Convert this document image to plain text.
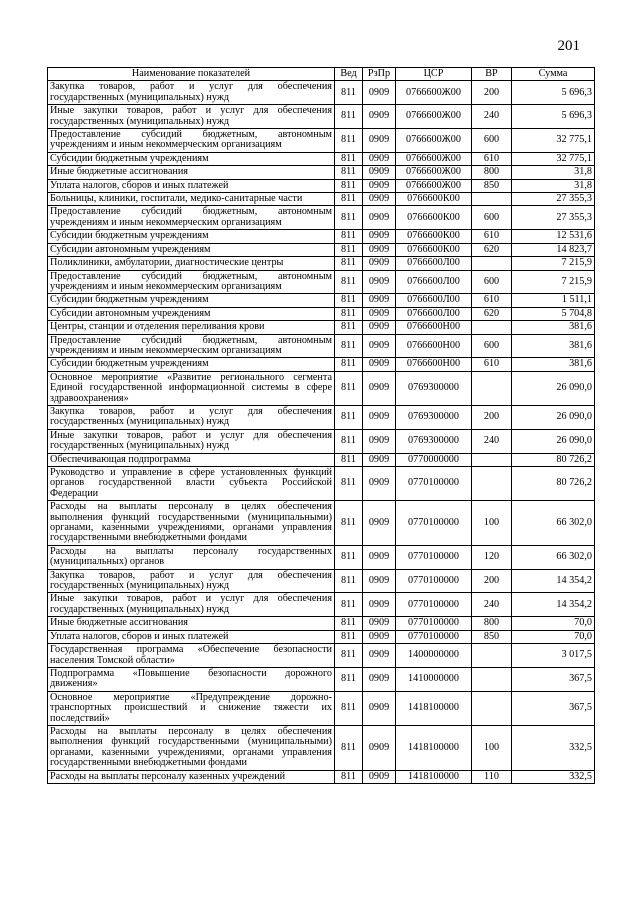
201
Наименование показателей	Вед	РзПр	ЦСР	ВР	Сумма
Закупка товаров, работ и услуг для обеспечения государственных (муниципальных) нужд	811	0909	0766600Ж00	200	5 696,3
Иные закупки товаров, работ и услуг для обеспечения государственных (муниципальных) нужд	811	0909	0766600Ж00	240	5 696,3
Предоставление субсидий бюджетным, автономным учреждениям и иным некоммерческим организациям	811	0909	0766600Ж00	600	32 775,1
Субсидии бюджетным учреждениям	811	0909	0766600Ж00	610	32 775,1
Иные бюджетные ассигнования	811	0909	0766600Ж00	800	31,8
Уплата налогов, сборов и иных платежей	811	0909	0766600Ж00	850	31,8
Больницы, клиники, госпитали, медико-санитарные части	811	0909	0766600К00		27 355,3
Предоставление субсидий бюджетным, автономным учреждениям и иным некоммерческим организациям	811	0909	0766600К00	600	27 355,3
Субсидии бюджетным учреждениям	811	0909	0766600К00	610	12 531,6
Субсидии автономным учреждениям	811	0909	0766600К00	620	14 823,7
Поликлиники, амбулатории, диагностические центры	811	0909	0766600Л00		7 215,9
Предоставление субсидий бюджетным, автономным учреждениям и иным некоммерческим организациям	811	0909	0766600Л00	600	7 215,9
Субсидии бюджетным учреждениям	811	0909	0766600Л00	610	1 511,1
Субсидии автономным учреждениям	811	0909	0766600Л00	620	5 704,8
Центры, станции и отделения переливания крови	811	0909	0766600Н00		381,6
Предоставление субсидий бюджетным, автономным учреждениям и иным некоммерческим организациям	811	0909	0766600Н00	600	381,6
Субсидии бюджетным учреждениям	811	0909	0766600Н00	610	381,6
Основное мероприятие «Развитие регионального сегмента Единой государственной информационной системы в сфере здравоохранения»	811	0909	0769300000		26 090,0
Закупка товаров, работ и услуг для обеспечения государственных (муниципальных) нужд	811	0909	0769300000	200	26 090,0
Иные закупки товаров, работ и услуг для обеспечения государственных (муниципальных) нужд	811	0909	0769300000	240	26 090,0
Обеспечивающая подпрограмма	811	0909	0770000000		80 726,2
Руководство и управление в сфере установленных функций органов государственной власти субъекта Российской Федерации	811	0909	0770100000		80 726,2
Расходы на выплаты персоналу в целях обеспечения выполнения функций государственными (муниципальными) органами, казенными учреждениями, органами управления государственными внебюджетными фондами	811	0909	0770100000	100	66 302,0
Расходы на выплаты персоналу государственных (муниципальных) органов	811	0909	0770100000	120	66 302,0
Закупка товаров, работ и услуг для обеспечения государственных (муниципальных) нужд	811	0909	0770100000	200	14 354,2
Иные закупки товаров, работ и услуг для обеспечения государственных (муниципальных) нужд	811	0909	0770100000	240	14 354,2
Иные бюджетные ассигнования	811	0909	0770100000	800	70,0
Уплата налогов, сборов и иных платежей	811	0909	0770100000	850	70,0
Государственная программа «Обеспечение безопасности населения Томской области»	811	0909	1400000000		3 017,5
Подпрограмма «Повышение безопасности дорожного движения»	811	0909	1410000000		367,5
Основное мероприятие «Предупреждение дорожно-транспортных происшествий и снижение тяжести их последствий»	811	0909	1418100000		367,5
Расходы на выплаты персоналу в целях обеспечения выполнения функций государственными (муниципальными) органами, казенными учреждениями, органами управления государственными внебюджетными фондами	811	0909	1418100000	100	332,5
Расходы на выплаты персоналу казенных учреждений	811	0909	1418100000	110	332,5
